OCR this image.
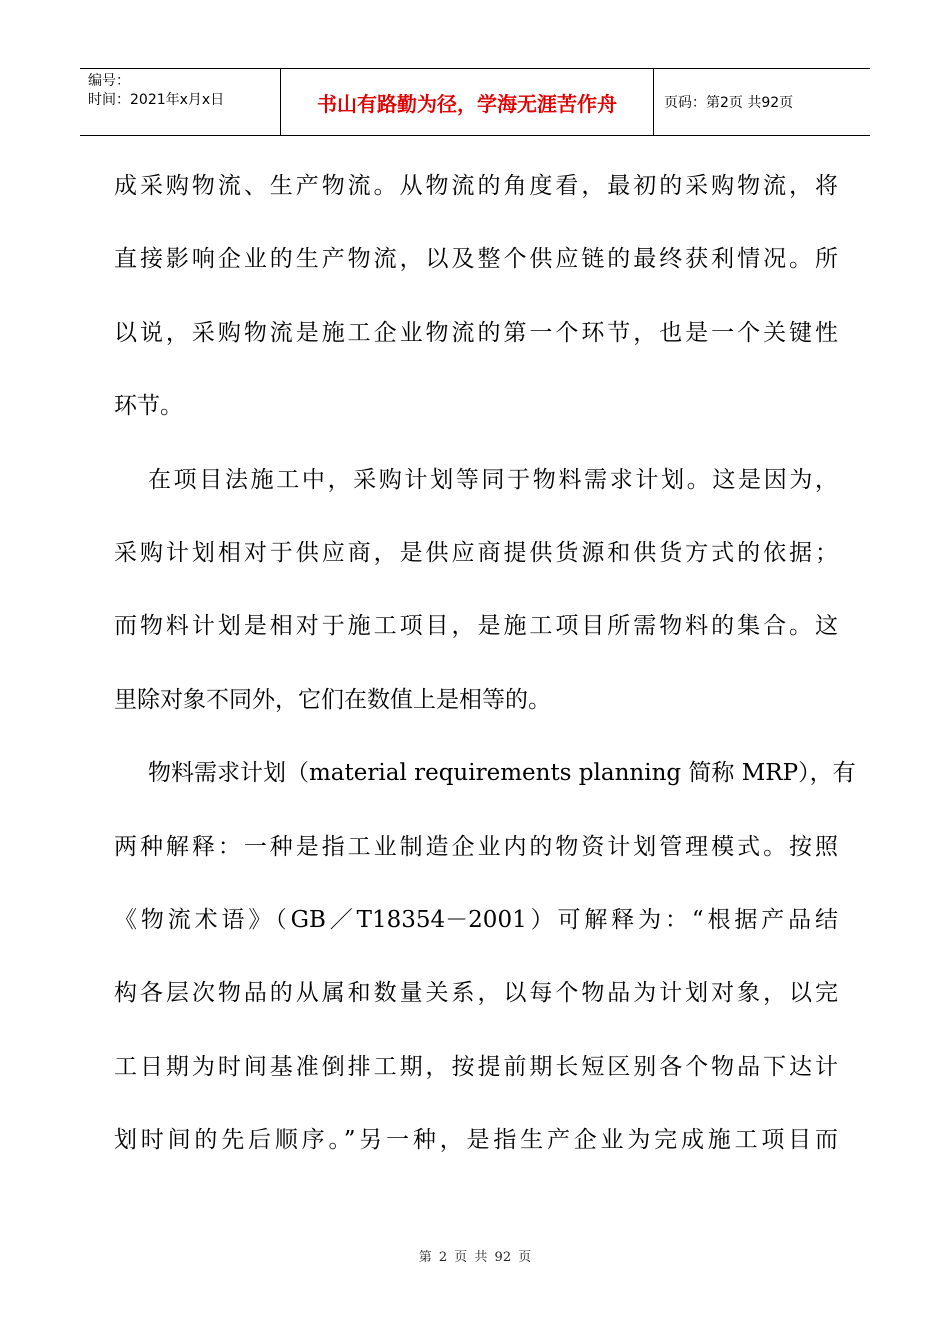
编号：
时间：2021年x月x日	书山有路勤为径，学海无涯苦作舟	页码：第2页 共92页
成采购物流、生产物流。从物流的角度看，最初的采购物流，将
直接影响企业的生产物流，以及整个供应链的最终获利情况。所
以说，采购物流是施工企业物流的第一个环节，也是一个关键性
环节。
在项目法施工中，采购计划等同于物料需求计划。这是因为，
采购计划相对于供应商，是供应商提供货源和供货方式的依据；
而物料计划是相对于施工项目，是施工项目所需物料的集合。这
里除对象不同外，它们在数值上是相等的。
物料需求计划（material requirements planning 简称 MRP），有
两种解释：一种是指工业制造企业内的物资计划管理模式。按照
《物流术语》（GB／T18354－2001）可解释为：“根据产品结
构各层次物品的从属和数量关系，以每个物品为计划对象，以完
工日期为时间基准倒排工期，按提前期长短区别各个物品下达计
划时间的先后顺序。”另一种，是指生产企业为完成施工项目而
第 2 页 共 92 页
